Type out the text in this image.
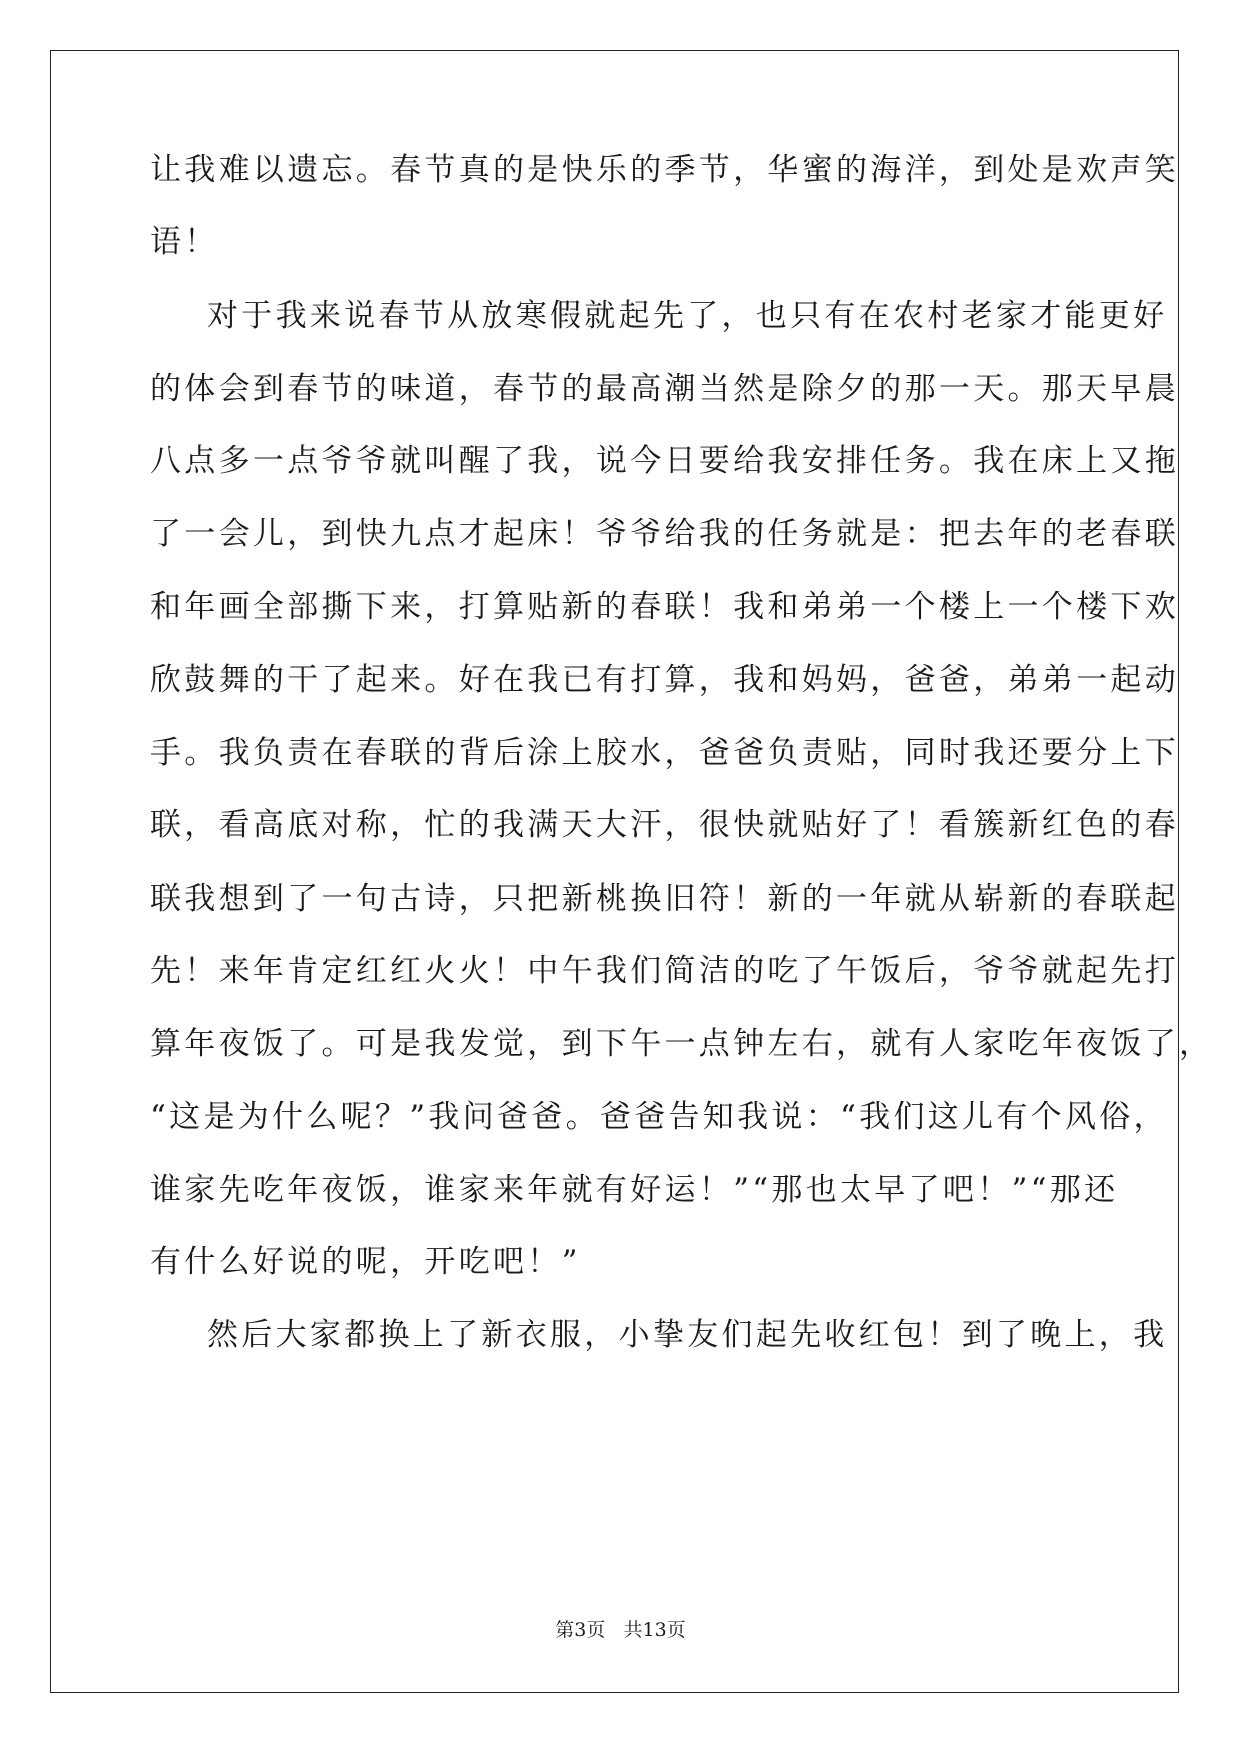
让我难以遗忘。春节真的是快乐的季节，华蜜的海洋，到处是欢声笑
语！
对于我来说春节从放寒假就起先了，也只有在农村老家才能更好
的体会到春节的味道，春节的最高潮当然是除夕的那一天。那天早晨
八点多一点爷爷就叫醒了我，说今日要给我安排任务。我在床上又拖
了一会儿，到快九点才起床！爷爷给我的任务就是：把去年的老春联
和年画全部撕下来，打算贴新的春联！我和弟弟一个楼上一个楼下欢
欣鼓舞的干了起来。好在我已有打算，我和妈妈，爸爸，弟弟一起动
手。我负责在春联的背后涂上胶水，爸爸负责贴，同时我还要分上下
联，看高底对称，忙的我满天大汗，很快就贴好了！看簇新红色的春
联我想到了一句古诗，只把新桃换旧符！新的一年就从崭新的春联起
先！来年肯定红红火火！中午我们简洁的吃了午饭后，爷爷就起先打
算年夜饭了。可是我发觉，到下午一点钟左右，就有人家吃年夜饭了，
“这是为什么呢？”我问爸爸。爸爸告知我说：“我们这儿有个风俗，
谁家先吃年夜饭，谁家来年就有好运！”“那也太早了吧！”“那还
有什么好说的呢，开吃吧！”
然后大家都换上了新衣服，小挚友们起先收红包！到了晚上，我
第3页   共13页
